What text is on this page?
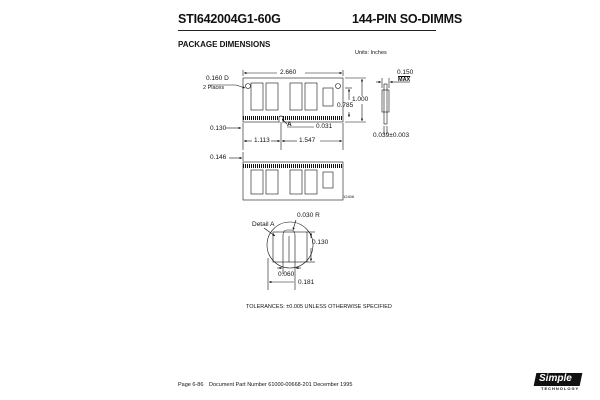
STI642004G1-60G	144-PIN SO-DIMMS
PACKAGE DIMENSIONS
Units: Inches
2.660
0.160 D
2 Places
1.000
0.785
A	0.031
0.130
1.113	1.547
0.150
$\overline{MAX}$
0.039±0.003
0.146
12406
Detail A
0.030 R
0.130
0.060
0.181
TOLERANCES: ±0.005 UNLESS OTHERWISE SPECIFIED
Page 6-86 Document Part Number 61000-00668-201 December 1995
Simple
TECHNOLOGY
